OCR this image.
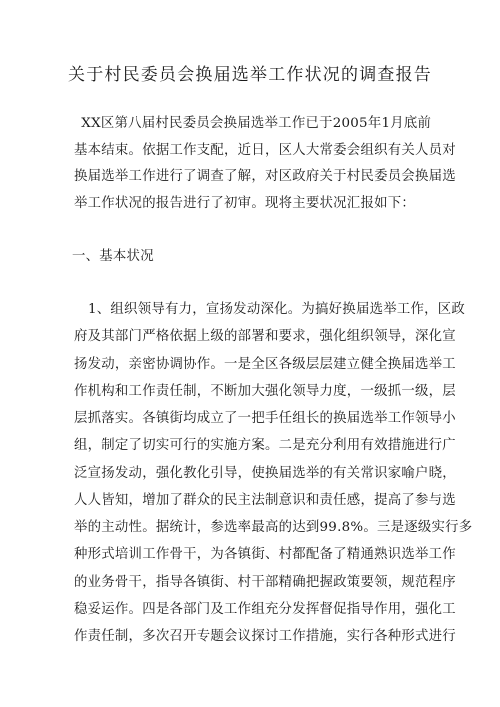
关于村民委员会换届选举工作状况的调查报告
　　XX区第八届村民委员会换届选举工作已于2005年1月底前
基本结束。依据工作支配，近日，区人大常委会组织有关人员对
换届选举工作进行了调查了解，对区政府关于村民委员会换届选
举工作状况的报告进行了初审。现将主要状况汇报如下：
一、基本状况
1、组织领导有力，宣扬发动深化。为搞好换届选举工作，区政
府及其部门严格依据上级的部署和要求，强化组织领导，深化宣
扬发动，亲密协调协作。一是全区各级层层建立健全换届选举工
作机构和工作责任制，不断加大强化领导力度，一级抓一级，层
层抓落实。各镇街均成立了一把手任组长的换届选举工作领导小
组，制定了切实可行的实施方案。二是充分利用有效措施进行广
泛宣扬发动，强化教化引导，使换届选举的有关常识家喻户晓，
人人皆知，增加了群众的民主法制意识和责任感，提高了参与选
举的主动性。据统计，参选率最高的达到99.8%。三是逐级实行多
种形式培训工作骨干，为各镇街、村都配备了精通熟识选举工作
的业务骨干，指导各镇街、村干部精确把握政策要领，规范程序
稳妥运作。四是各部门及工作组充分发挥督促指导作用，强化工
作责任制，多次召开专题会议探讨工作措施，实行各种形式进行
